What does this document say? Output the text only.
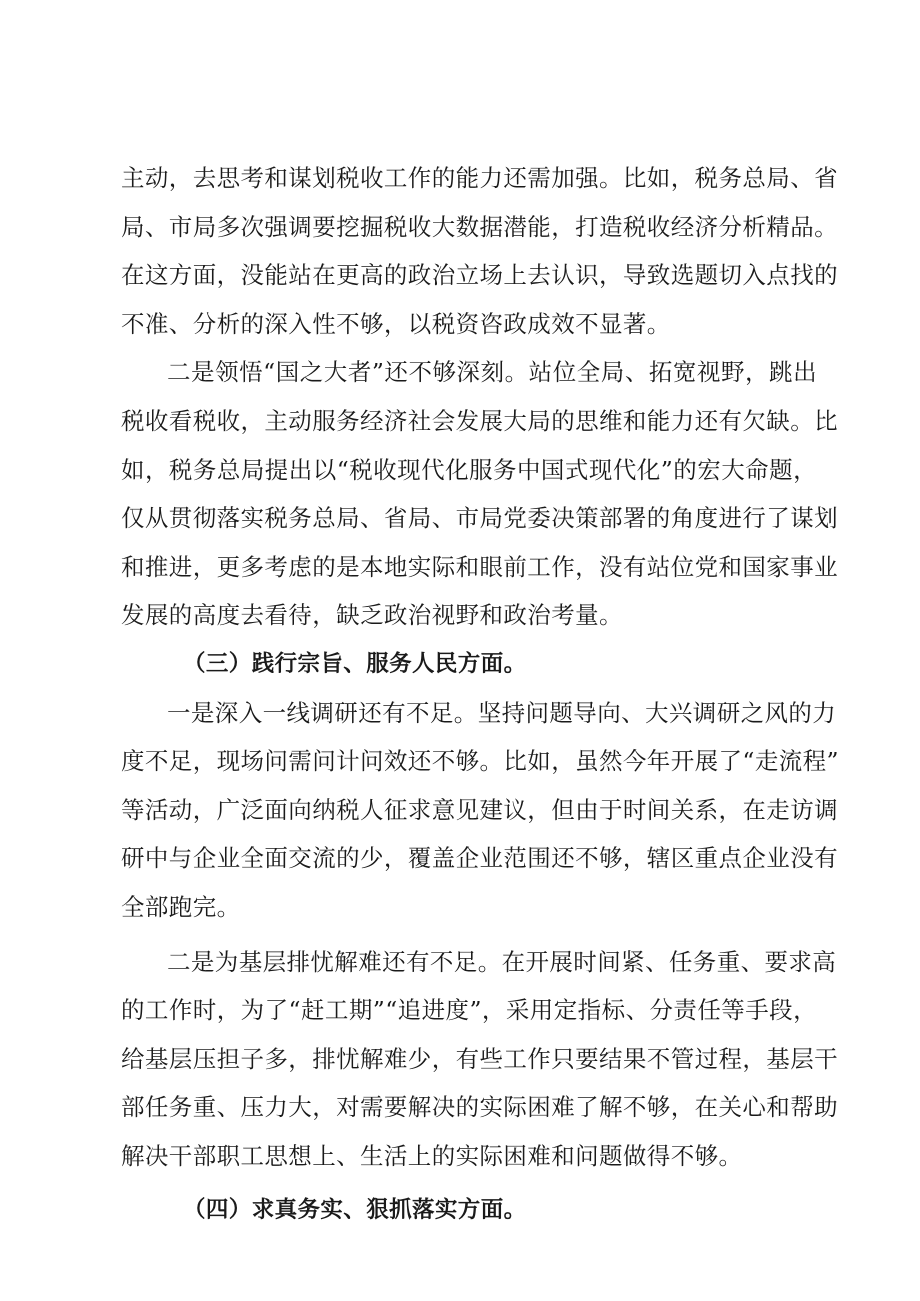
主动，去思考和谋划税收工作的能力还需加强。比如，税务总局、省
局、市局多次强调要挖掘税收大数据潜能，打造税收经济分析精品。
在这方面，没能站在更高的政治立场上去认识，导致选题切入点找的
不准、分析的深入性不够，以税资咨政成效不显著。
二是领悟“国之大者”还不够深刻。站位全局、拓宽视野，跳出
税收看税收，主动服务经济社会发展大局的思维和能力还有欠缺。比
如，税务总局提出以“税收现代化服务中国式现代化”的宏大命题，
仅从贯彻落实税务总局、省局、市局党委决策部署的角度进行了谋划
和推进，更多考虑的是本地实际和眼前工作，没有站位党和国家事业
发展的高度去看待，缺乏政治视野和政治考量。
（三）践行宗旨、服务人民方面。
一是深入一线调研还有不足。坚持问题导向、大兴调研之风的力
度不足，现场问需问计问效还不够。比如，虽然今年开展了“走流程”
等活动，广泛面向纳税人征求意见建议，但由于时间关系，在走访调
研中与企业全面交流的少，覆盖企业范围还不够，辖区重点企业没有
全部跑完。
二是为基层排忧解难还有不足。在开展时间紧、任务重、要求高
的工作时，为了“赶工期”“追进度”，采用定指标、分责任等手段，
给基层压担子多，排忧解难少，有些工作只要结果不管过程，基层干
部任务重、压力大，对需要解决的实际困难了解不够，在关心和帮助
解决干部职工思想上、生活上的实际困难和问题做得不够。
（四）求真务实、狠抓落实方面。
